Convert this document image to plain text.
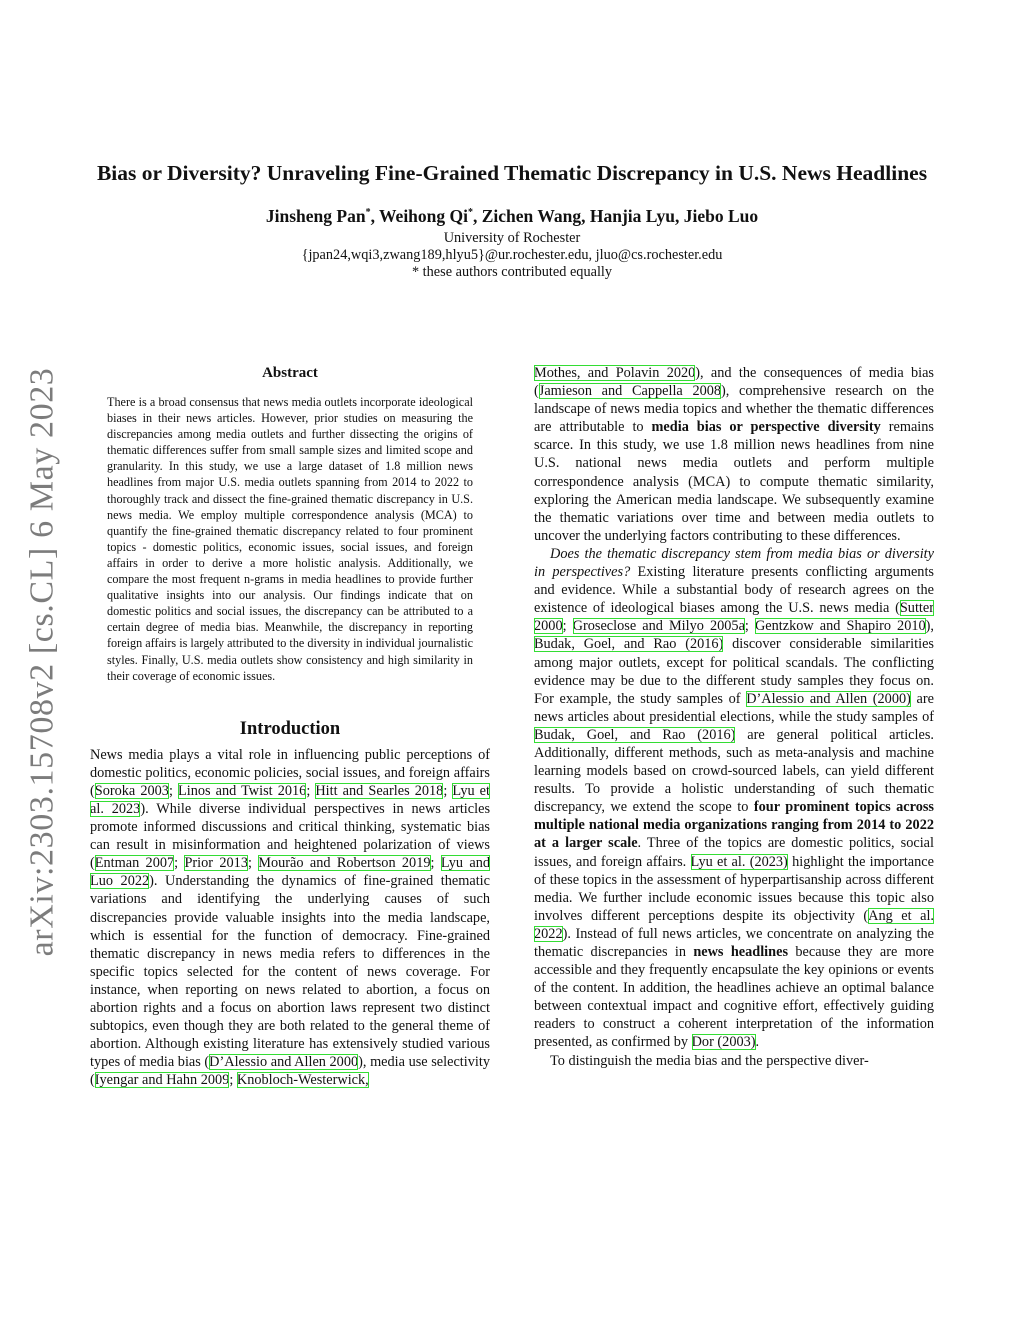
arXiv:2303.15708v2 [cs.CL] 6 May 2023
Bias or Diversity? Unraveling Fine-Grained Thematic Discrepancy in U.S. News Headlines
Jinsheng Pan*, Weihong Qi*, Zichen Wang, Hanjia Lyu, Jiebo Luo
University of Rochester
{jpan24,wqi3,zwang189,hlyu5}@ur.rochester.edu, jluo@cs.rochester.edu
* these authors contributed equally
Abstract

There is a broad consensus that news media outlets incorporate ideological biases in their news articles. However, prior studies on measuring the discrepancies among media outlets and further dissecting the origins of thematic differences suffer from small sample sizes and limited scope and granularity. In this study, we use a large dataset of 1.8 million news headlines from major U.S. media outlets spanning from 2014 to 2022 to thoroughly track and dissect the fine-grained thematic discrepancy in U.S. news media. We employ multiple correspondence analysis (MCA) to quantify the fine-grained thematic discrepancy related to four prominent topics - domestic politics, economic issues, social issues, and foreign affairs in order to derive a more holistic analysis. Additionally, we compare the most frequent n-grams in media headlines to provide further qualitative insights into our analysis. Our findings indicate that on domestic politics and social issues, the discrepancy can be attributed to a certain degree of media bias. Meanwhile, the discrepancy in reporting foreign affairs is largely attributed to the diversity in individual journalistic styles. Finally, U.S. media outlets show consistency and high similarity in their coverage of economic issues.

Introduction

News media plays a vital role in influencing public perceptions of domestic politics, economic policies, social issues, and foreign affairs (Soroka 2003; Linos and Twist 2016; Hitt and Searles 2018; Lyu et al. 2023). While diverse individual perspectives in news articles promote informed discussions and critical thinking, systematic bias can result in misinformation and heightened polarization of views (Entman 2007; Prior 2013; Mourão and Robertson 2019; Lyu and Luo 2022). Understanding the dynamics of fine-grained thematic variations and identifying the underlying causes of such discrepancies provide valuable insights into the media landscape, which is essential for the function of democracy. Fine-grained thematic discrepancy in news media refers to differences in the specific topics selected for the content of news coverage. For instance, when reporting on news related to abortion, a focus on abortion rights and a focus on abortion laws represent two distinct subtopics, even though they are both related to the general theme of abortion. Although existing literature has extensively studied various types of media bias (D’Alessio and Allen 2000), media use selectivity (Iyengar and Hahn 2009; Knobloch-Westerwick,

Mothes, and Polavin 2020), and the consequences of media bias (Jamieson and Cappella 2008), comprehensive research on the landscape of news media topics and whether the thematic differences are attributable to media bias or perspective diversity remains scarce. In this study, we use 1.8 million news headlines from nine U.S. national news media outlets and perform multiple correspondence analysis (MCA) to compute thematic similarity, exploring the American media landscape. We subsequently examine the thematic variations over time and between media outlets to uncover the underlying factors contributing to these differences.

Does the thematic discrepancy stem from media bias or diversity in perspectives? Existing literature presents conflicting arguments and evidence. While a substantial body of research agrees on the existence of ideological biases among the U.S. news media (Sutter 2000; Groseclose and Milyo 2005a; Gentzkow and Shapiro 2010), Budak, Goel, and Rao (2016) discover considerable similarities among major outlets, except for political scandals. The conflicting evidence may be due to the different study samples they focus on. For example, the study samples of D’Alessio and Allen (2000) are news articles about presidential elections, while the study samples of Budak, Goel, and Rao (2016) are general political articles. Additionally, different methods, such as meta-analysis and machine learning models based on crowd-sourced labels, can yield different results. To provide a holistic understanding of such thematic discrepancy, we extend the scope to four prominent topics across multiple national media organizations ranging from 2014 to 2022 at a larger scale. Three of the topics are domestic politics, social issues, and foreign affairs. Lyu et al. (2023) highlight the importance of these topics in the assessment of hyperpartisanship across different media. We further include economic issues because this topic also involves different perceptions despite its objectivity (Ang et al. 2022). Instead of full news articles, we concentrate on analyzing the thematic discrepancies in news headlines because they are more accessible and they frequently encapsulate the key opinions or events of the content. In addition, the headlines achieve an optimal balance between contextual impact and cognitive effort, effectively guiding readers to construct a coherent interpretation of the information presented, as confirmed by Dor (2003).

To distinguish the media bias and the perspective diver-
